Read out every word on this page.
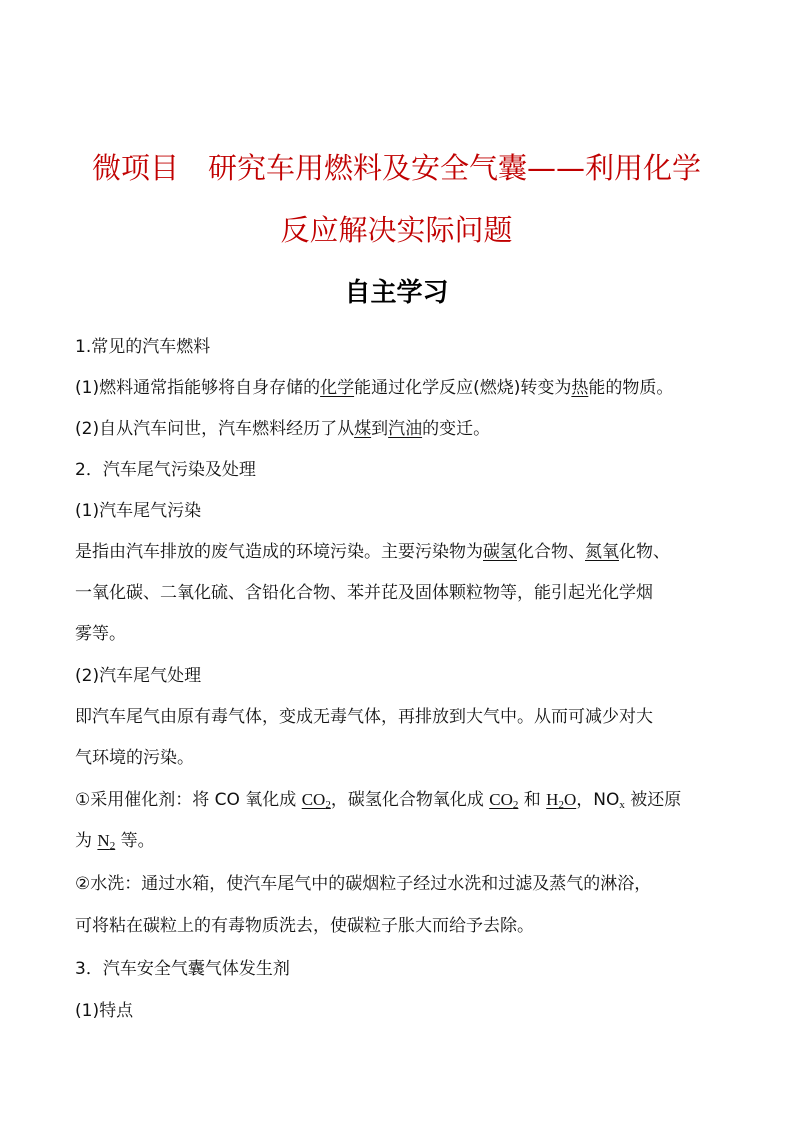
微项目　研究车用燃料及安全气囊——利用化学
反应解决实际问题
自主学习
1.常见的汽车燃料
(1)燃料通常指能够将自身存储的化学能通过化学反应(燃烧)转变为热能的物质。
(2)自从汽车问世，汽车燃料经历了从煤到汽油的变迁。
2．汽车尾气污染及处理
(1)汽车尾气污染
是指由汽车排放的废气造成的环境污染。主要污染物为碳氢化合物、氮氧化物、
一氧化碳、二氧化硫、含铅化合物、苯并芘及固体颗粒物等，能引起光化学烟
雾等。
(2)汽车尾气处理
即汽车尾气由原有毒气体，变成无毒气体，再排放到大气中。从而可减少对大
气环境的污染。
①采用催化剂：将 CO 氧化成 $CO_2$，碳氢化合物氧化成 $CO_2$ 和 $H_2O$，$NO_x$ 被还原
为 $N_2$ 等。
②水洗：通过水箱，使汽车尾气中的碳烟粒子经过水洗和过滤及蒸气的淋浴，
可将粘在碳粒上的有毒物质洗去，使碳粒子胀大而给予去除。
3．汽车安全气囊气体发生剂
(1)特点
